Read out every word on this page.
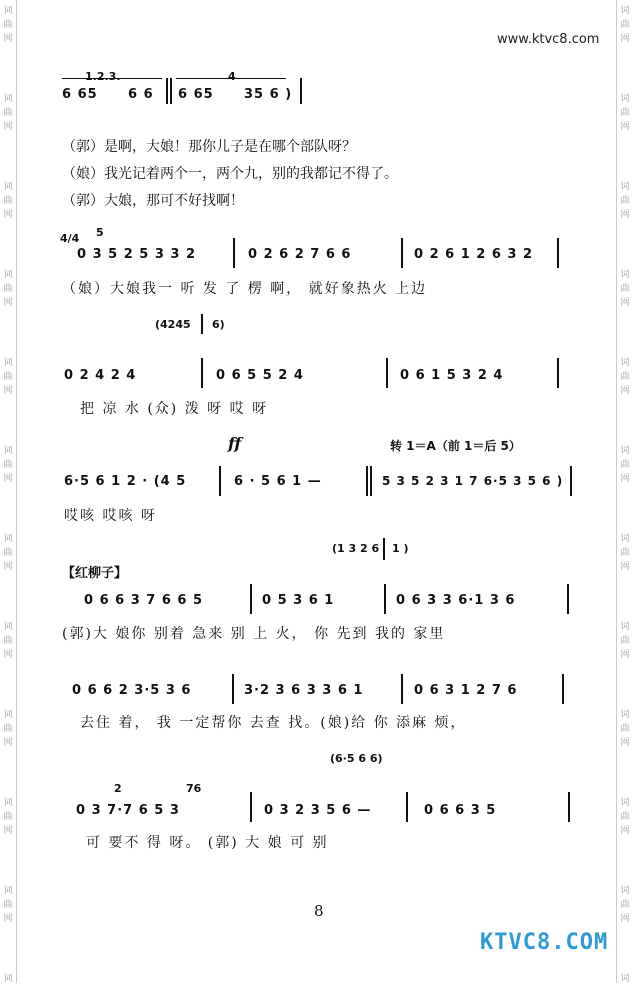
词
曲
网
词
曲
网
词
曲
网
词
曲
网
词
曲
网
词
曲
网
词
曲
网
词
曲
网
词
曲
网
词
曲
网
词
曲
网
词
词
曲
网
词
曲
网
词
曲
网
词
曲
网
词
曲
网
词
曲
网
词
曲
网
词
曲
网
词
曲
网
词
曲
网
词
曲
网
词
www.ktvc8.com
1.2.3.
6 65 6 6
4
6 65 35 6 )
（郭）是啊，大娘！那你儿子是在哪个部队呀？
（娘）我光记着两个一，两个九，别的我都记不得了。
（郭）大娘，那可不好找啊！
4/4 5
0 3 5 2 5 3 3 2	0 2 6 2 7 6 6	0 2 6 1 2 6 3 2
（娘）大娘我一 听 发 了 楞 啊， 就好象热火 上边
(4245 6)
0 2 4 2 4	0 6 5 5 2 4	0 6 1 5 3 2 4
把 凉 水 (众) 泼 呀 哎 呀
ff	转 1＝A（前 1＝后 5）
6·5 6 1 2 · (4 5	6 · 5 6 1 —	5 3 5 2 3 1 7 6·5 3 5 6 )
哎咳 哎咳 呀
(1 3 2 6 1 )
【红柳子】
0 6 6 3 7 6 6 5	0 5 3 6 1	0 6 3 3 6·1 3 6
(郭)大 娘你 别着 急来 别 上 火， 你 先到 我的 家里
0 6 6 2 3·5 3 6	3·2 3 6 3 3 6 1	0 6 3 1 2 7 6
去住 着， 我 一定帮你 去查 找。(娘)给 你 添麻 烦，
(6·5 6 6)
2	76
0 3 7·7 6 5 3	0 3 2 3 5 6 —	0 6 6 3 5
可 要不 得 呀。 (郭) 大 娘 可 别
8
KTVC8.COM
